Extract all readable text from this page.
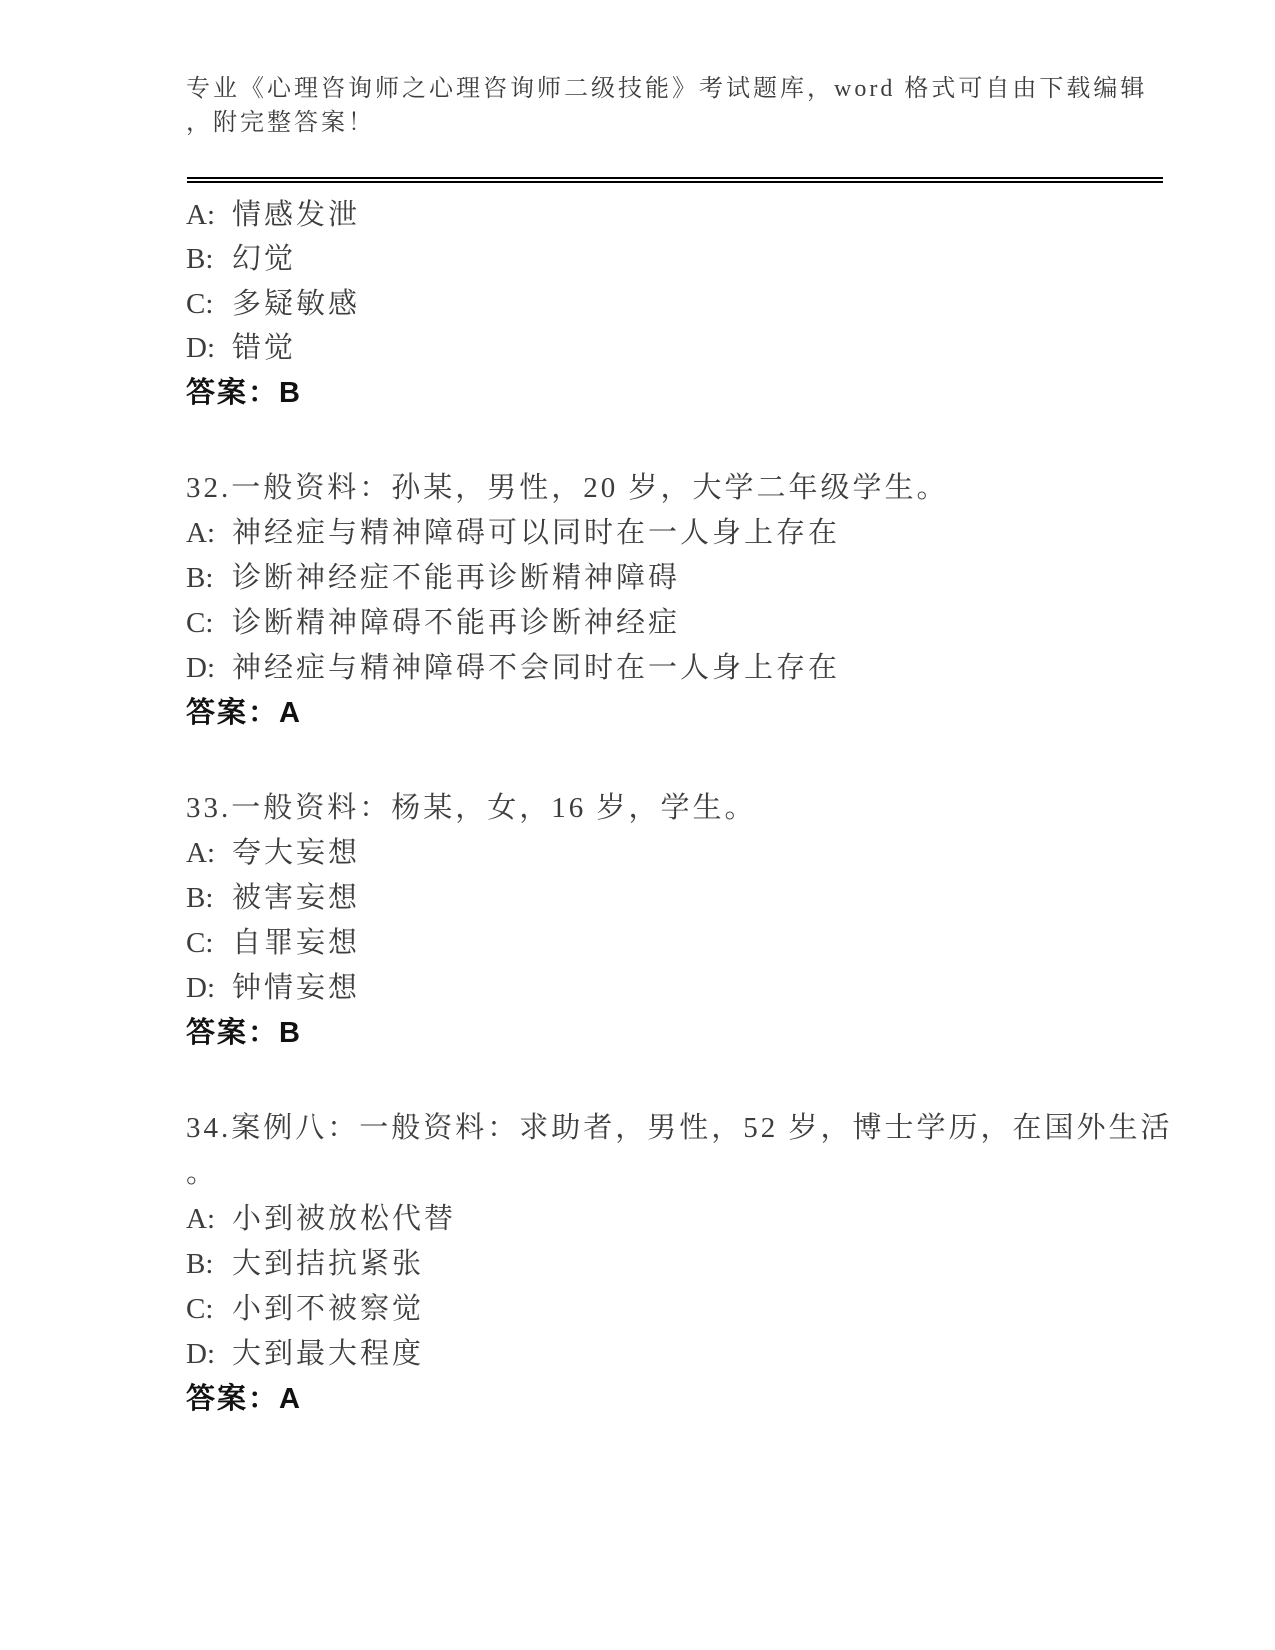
专业《心理咨询师之心理咨询师二级技能》考试题库，word 格式可自由下载编辑
，附完整答案！
A: 情感发泄
B: 幻觉
C: 多疑敏感
D: 错觉
答案：B
32.一般资料：孙某，男性，20 岁，大学二年级学生。
A: 神经症与精神障碍可以同时在一人身上存在
B: 诊断神经症不能再诊断精神障碍
C: 诊断精神障碍不能再诊断神经症
D: 神经症与精神障碍不会同时在一人身上存在
答案：A
33.一般资料：杨某，女，16 岁，学生。
A: 夸大妄想
B: 被害妄想
C: 自罪妄想
D: 钟情妄想
答案：B
34.案例八：一般资料：求助者，男性，52 岁，博士学历，在国外生活
。
A: 小到被放松代替
B: 大到拮抗紧张
C: 小到不被察觉
D: 大到最大程度
答案：A
